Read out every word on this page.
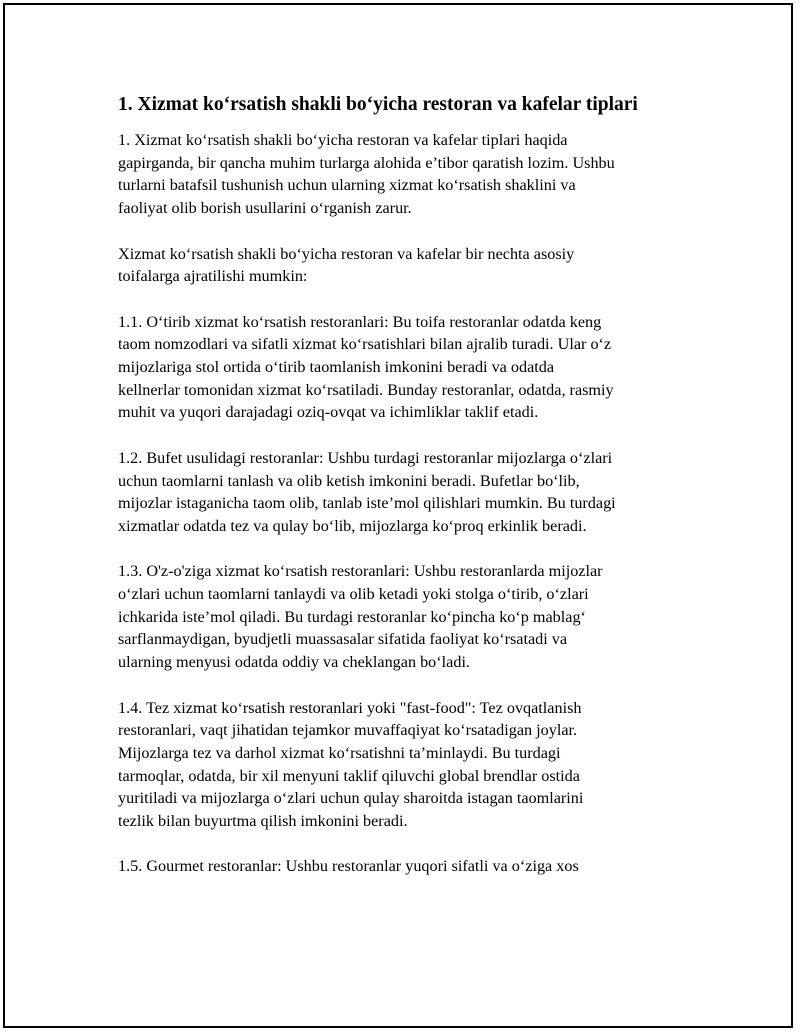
1. Xizmat ko‘rsatish shakli bo‘yicha restoran va kafelar tiplari
1. Xizmat ko‘rsatish shakli bo‘yicha restoran va kafelar tiplari haqida
gapirganda, bir qancha muhim turlarga alohida e’tibor qaratish lozim. Ushbu
turlarni batafsil tushunish uchun ularning xizmat ko‘rsatish shaklini va
faoliyat olib borish usullarini o‘rganish zarur.
Xizmat ko‘rsatish shakli bo‘yicha restoran va kafelar bir nechta asosiy
toifalarga ajratilishi mumkin:
1.1. O‘tirib xizmat ko‘rsatish restoranlari: Bu toifa restoranlar odatda keng
taom nomzodlari va sifatli xizmat ko‘rsatishlari bilan ajralib turadi. Ular o‘z
mijozlariga stol ortida o‘tirib taomlanish imkonini beradi va odatda
kellnerlar tomonidan xizmat ko‘rsatiladi. Bunday restoranlar, odatda, rasmiy
muhit va yuqori darajadagi oziq-ovqat va ichimliklar taklif etadi.
1.2. Bufet usulidagi restoranlar: Ushbu turdagi restoranlar mijozlarga o‘zlari
uchun taomlarni tanlash va olib ketish imkonini beradi. Bufetlar bo‘lib,
mijozlar istaganicha taom olib, tanlab iste’mol qilishlari mumkin. Bu turdagi
xizmatlar odatda tez va qulay bo‘lib, mijozlarga ko‘proq erkinlik beradi.
1.3. O'z-o'ziga xizmat ko‘rsatish restoranlari: Ushbu restoranlarda mijozlar
o‘zlari uchun taomlarni tanlaydi va olib ketadi yoki stolga o‘tirib, o‘zlari
ichkarida iste’mol qiladi. Bu turdagi restoranlar ko‘pincha ko‘p mablag‘
sarflanmaydigan, byudjetli muassasalar sifatida faoliyat ko‘rsatadi va
ularning menyusi odatda oddiy va cheklangan bo‘ladi.
1.4. Tez xizmat ko‘rsatish restoranlari yoki "fast-food": Tez ovqatlanish
restoranlari, vaqt jihatidan tejamkor muvaffaqiyat ko‘rsatadigan joylar.
Mijozlarga tez va darhol xizmat ko‘rsatishni ta’minlaydi. Bu turdagi
tarmoqlar, odatda, bir xil menyuni taklif qiluvchi global brendlar ostida
yuritiladi va mijozlarga o‘zlari uchun qulay sharoitda istagan taomlarini
tezlik bilan buyurtma qilish imkonini beradi.
1.5. Gourmet restoranlar: Ushbu restoranlar yuqori sifatli va o‘ziga xos
